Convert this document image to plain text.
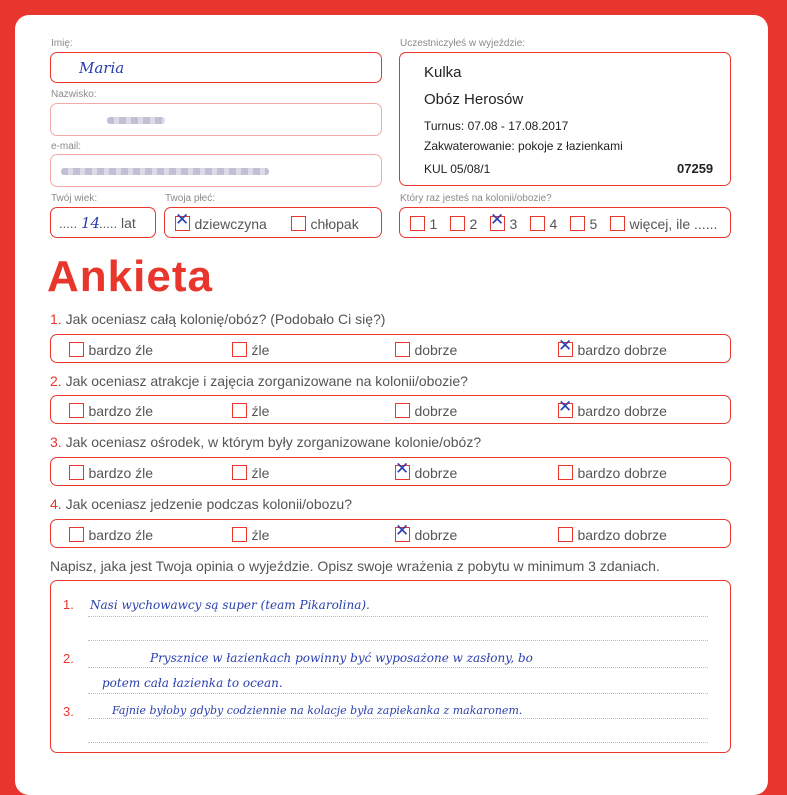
Imię:
Maria
Nazwisko:
e-mail:
Twój wiek:
..... 14
..... lat
Twoja płeć:
✕ dziewczyna	chłopak
Uczestniczyłeś w wyjeździe:
Kulka
Obóz Herosów
Turnus: 07.08 - 17.08.2017
Zakwaterowanie: pokoje z łazienkami
KUL 05/08/1	07259
Który raz jesteś na kolonii/obozie?
1	2 ✕ 3	4	5	więcej, ile ......
Ankieta
1. Jak oceniasz całą kolonię/obóz? (Podobało Ci się?)
bardzo źle	źle	dobrze	✕ bardzo dobrze
2. Jak oceniasz atrakcje i zajęcia zorganizowane na kolonii/obozie?
bardzo źle	źle	dobrze	✕ bardzo dobrze
3. Jak oceniasz ośrodek, w którym były zorganizowane kolonie/obóz?
bardzo źle	źle	✕ dobrze	bardzo dobrze
4. Jak oceniasz jedzenie podczas kolonii/obozu?
bardzo źle	źle	✕ dobrze	bardzo dobrze
Napisz, jaka jest Twoja opinia o wyjeździe. Opisz swoje wrażenia z pobytu w minimum 3 zdaniach.
1.
2.
3.
Nasi wychowawcy są super (team Pikarolina).
Prysznice w łazienkach powinny być wyposażone w zasłony, bo
potem cała łazienka to ocean.
Fajnie byłoby gdyby codziennie na kolacje była zapiekanka z makaronem.
